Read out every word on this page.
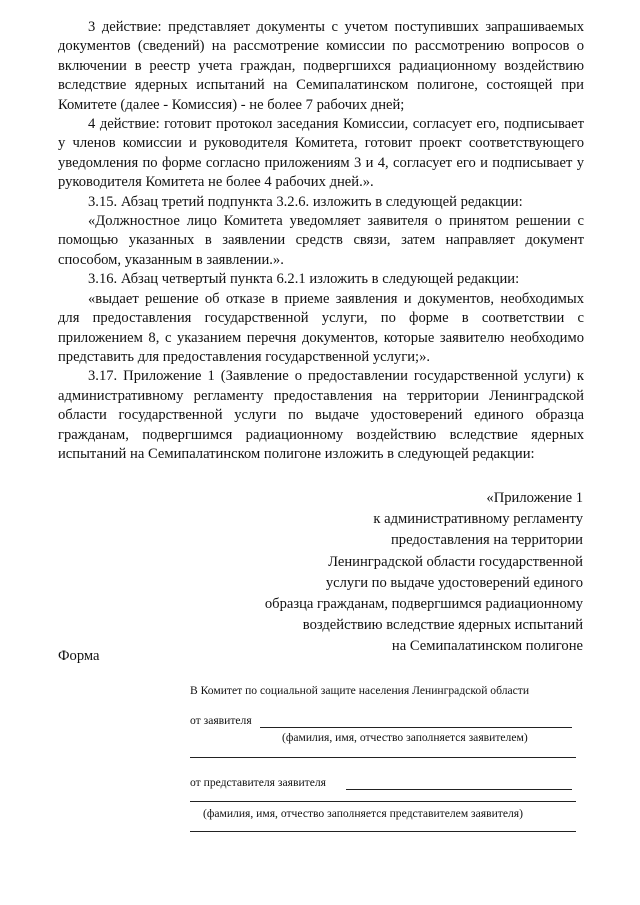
3 действие: представляет документы с учетом поступивших запрашиваемых документов (сведений) на рассмотрение комиссии по рассмотрению вопросов о включении в реестр учета граждан, подвергшихся радиационному воздействию вследствие ядерных испытаний на Семипалатинском полигоне, состоящей при Комитете (далее - Комиссия) - не более 7 рабочих дней;

4 действие: готовит протокол заседания Комиссии, согласует его, подписывает у членов комиссии и руководителя Комитета, готовит проект соответствующего уведомления по форме согласно приложениям 3 и 4, согласует его и подписывает у руководителя Комитета не более 4 рабочих дней.».

3.15. Абзац третий подпункта 3.2.6. изложить в следующей редакции:

«Должностное лицо Комитета уведомляет заявителя о принятом решении с помощью указанных в заявлении средств связи, затем направляет документ способом, указанным в заявлении.».

3.16. Абзац четвертый пункта 6.2.1 изложить в следующей редакции:

«выдает решение об отказе в приеме заявления и документов, необходимых для предоставления государственной услуги, по форме в соответствии с приложением 8, с указанием перечня документов, которые заявителю необходимо представить для предоставления государственной услуги;».

3.17. Приложение 1 (Заявление о предоставлении государственной услуги) к административному регламенту предоставления на территории Ленинградской области государственной услуги по выдаче удостоверений единого образца гражданам, подвергшимся радиационному воздействию вследствие ядерных испытаний на Семипалатинском полигоне изложить в следующей редакции:

«Приложение 1
к административному регламенту
предоставления на территории
Ленинградской области государственной
услуги по выдаче удостоверений единого
образца гражданам, подвергшимся радиационному
воздействию вследствие ядерных испытаний
на Семипалатинском полигоне
Форма
В Комитет по социальной защите населения Ленинградской области
от заявителя
(фамилия, имя, отчество заполняется заявителем)
от представителя заявителя
(фамилия, имя, отчество заполняется представителем заявителя)
